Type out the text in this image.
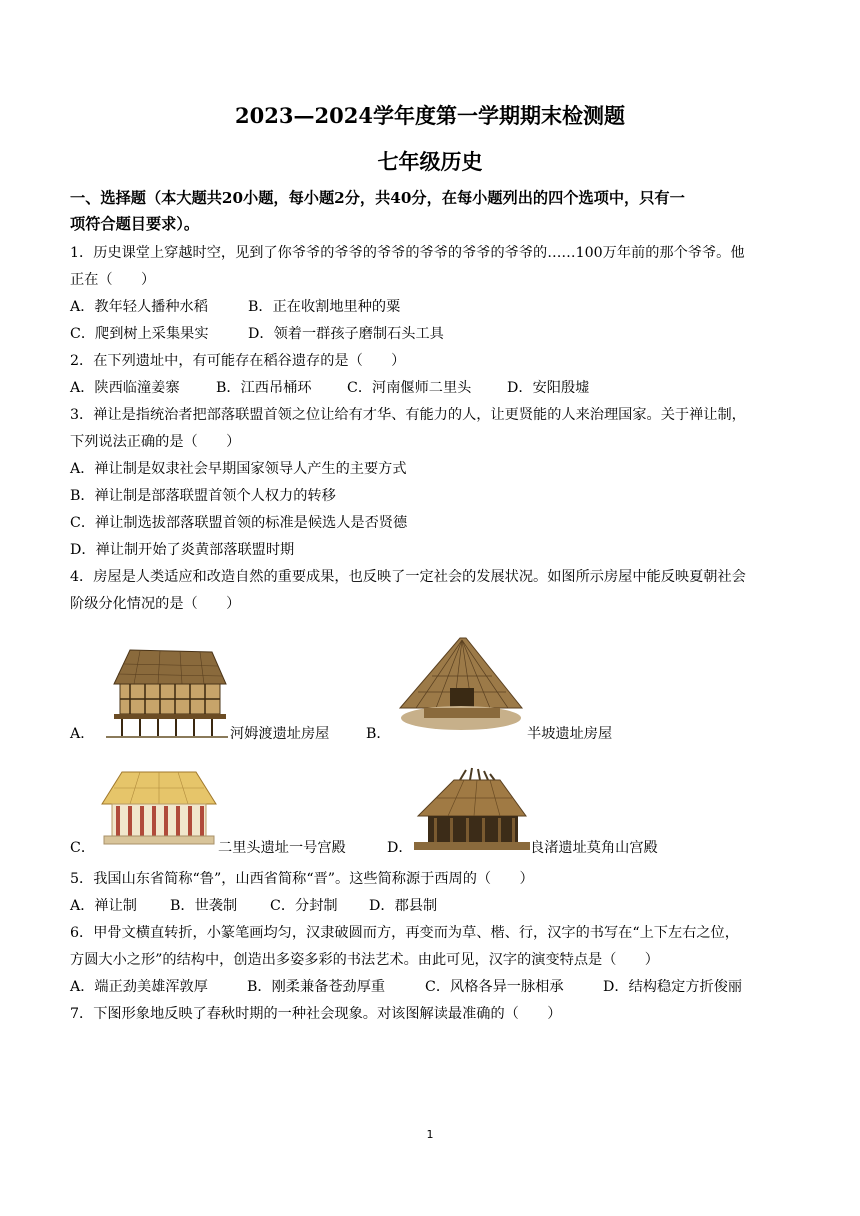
2023—2024学年度第一学期期末检测题
七年级历史
一、选择题（本大题共20小题，每小题2分，共40分，在每小题列出的四个选项中，只有一
项符合题目要求）。
1．历史课堂上穿越时空，见到了你爷爷的爷爷的爷爷的爷爷的爷爷的爷爷的……100万年前的那个爷爷。他
正在（　　）
A．教年轻人播种水稻	B．正在收割地里种的粟
C．爬到树上采集果实	D．领着一群孩子磨制石头工具
2．在下列遗址中，有可能存在稻谷遗存的是（　　）
A．陕西临潼姜寨	B．江西吊桶环 C．河南偃师二里头	D．安阳殷墟
3．禅让是指统治者把部落联盟首领之位让给有才华、有能力的人，让更贤能的人来治理国家。关于禅让制，
下列说法正确的是（　　）
A．禅让制是奴隶社会早期国家领导人产生的主要方式
B．禅让制是部落联盟首领个人权力的转移
C．禅让制选拔部落联盟首领的标准是候选人是否贤德
D．禅让制开始了炎黄部落联盟时期
4．房屋是人类适应和改造自然的重要成果，也反映了一定社会的发展状况。如图所示房屋中能反映夏朝社会
阶级分化情况的是（　　）
A．	河姆渡遗址房屋	B．	半坡遗址房屋
C．	二里头遗址一号宫殿	D．	良渚遗址莫角山宫殿
5．我国山东省简称“鲁”，山西省简称“晋”。这些简称源于西周的（　　）
A．禅让制 B．世袭制 C．分封制 D．郡县制
6．甲骨文横直转折，小篆笔画均匀，汉隶破圆而方，再变而为草、楷、行，汉字的书写在“上下左右之位，
方圆大小之形”的结构中，创造出多姿多彩的书法艺术。由此可见，汉字的演变特点是（　　）
A．端正劲美雄浑敦厚	B．刚柔兼备苍劲厚重	C．风格各异一脉相承	D．结构稳定方折俊丽
7．下图形象地反映了春秋时期的一种社会现象。对该图解读最准确的（　　）
1
